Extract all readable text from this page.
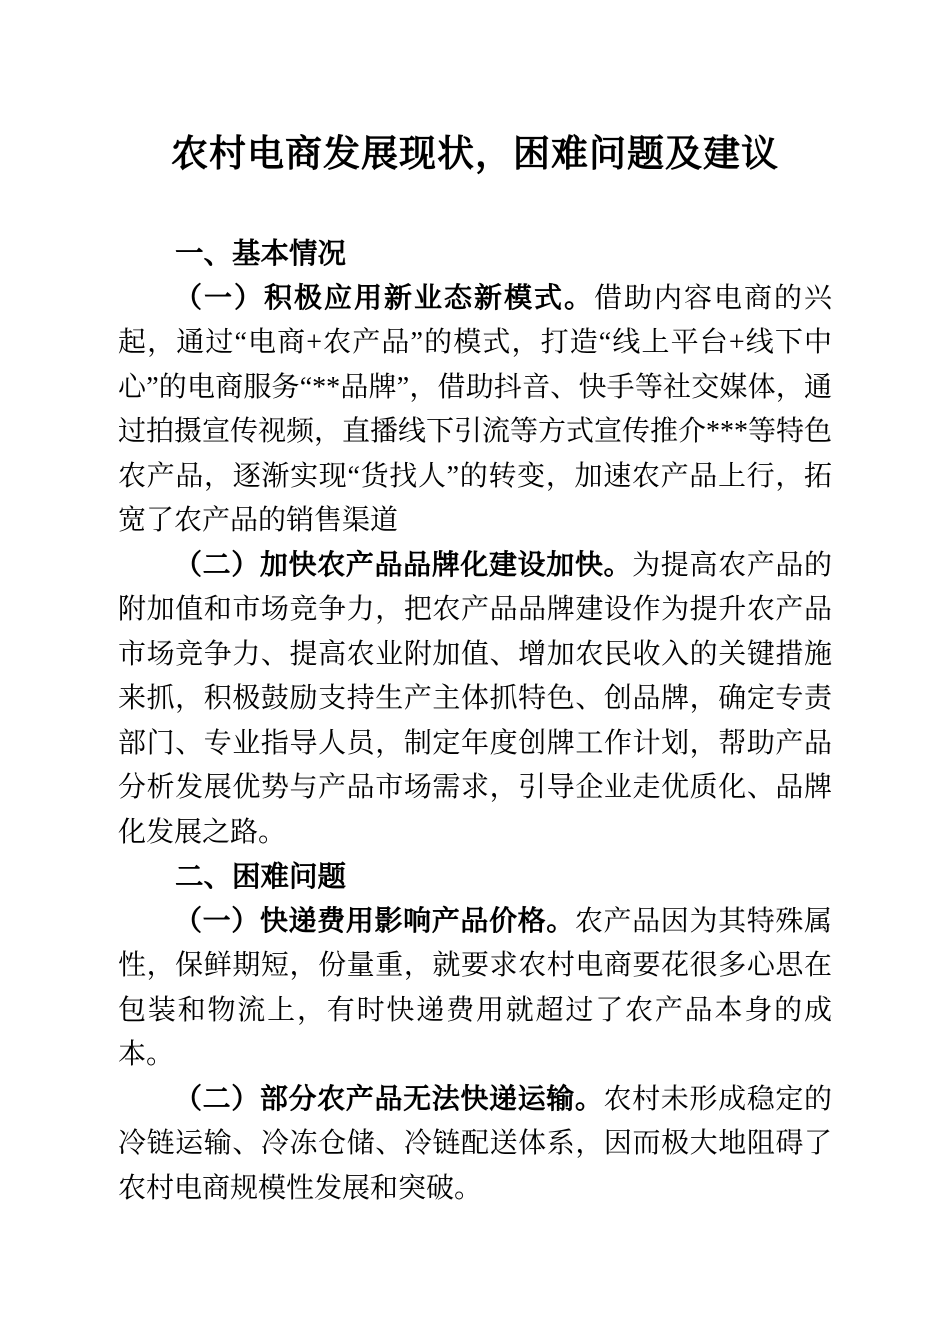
农村电商发展现状，困难问题及建议
一、基本情况

（一）积极应用新业态新模式。借助内容电商的兴起，通过“电商+农产品”的模式，打造“线上平台+线下中心”的电商服务“**品牌”，借助抖音、快手等社交媒体，通过拍摄宣传视频，直播线下引流等方式宣传推介***等特色农产品，逐渐实现“货找人”的转变，加速农产品上行，拓宽了农产品的销售渠道

（二）加快农产品品牌化建设加快。为提高农产品的附加值和市场竞争力，把农产品品牌建设作为提升农产品市场竞争力、提高农业附加值、增加农民收入的关键措施来抓，积极鼓励支持生产主体抓特色、创品牌，确定专责部门、专业指导人员，制定年度创牌工作计划，帮助产品分析发展优势与产品市场需求，引导企业走优质化、品牌化发展之路。

二、困难问题

（一）快递费用影响产品价格。农产品因为其特殊属性，保鲜期短，份量重，就要求农村电商要花很多心思在包装和物流上，有时快递费用就超过了农产品本身的成本。

（二）部分农产品无法快递运输。农村未形成稳定的冷链运输、冷冻仓储、冷链配送体系，因而极大地阻碍了农村电商规模性发展和突破。
